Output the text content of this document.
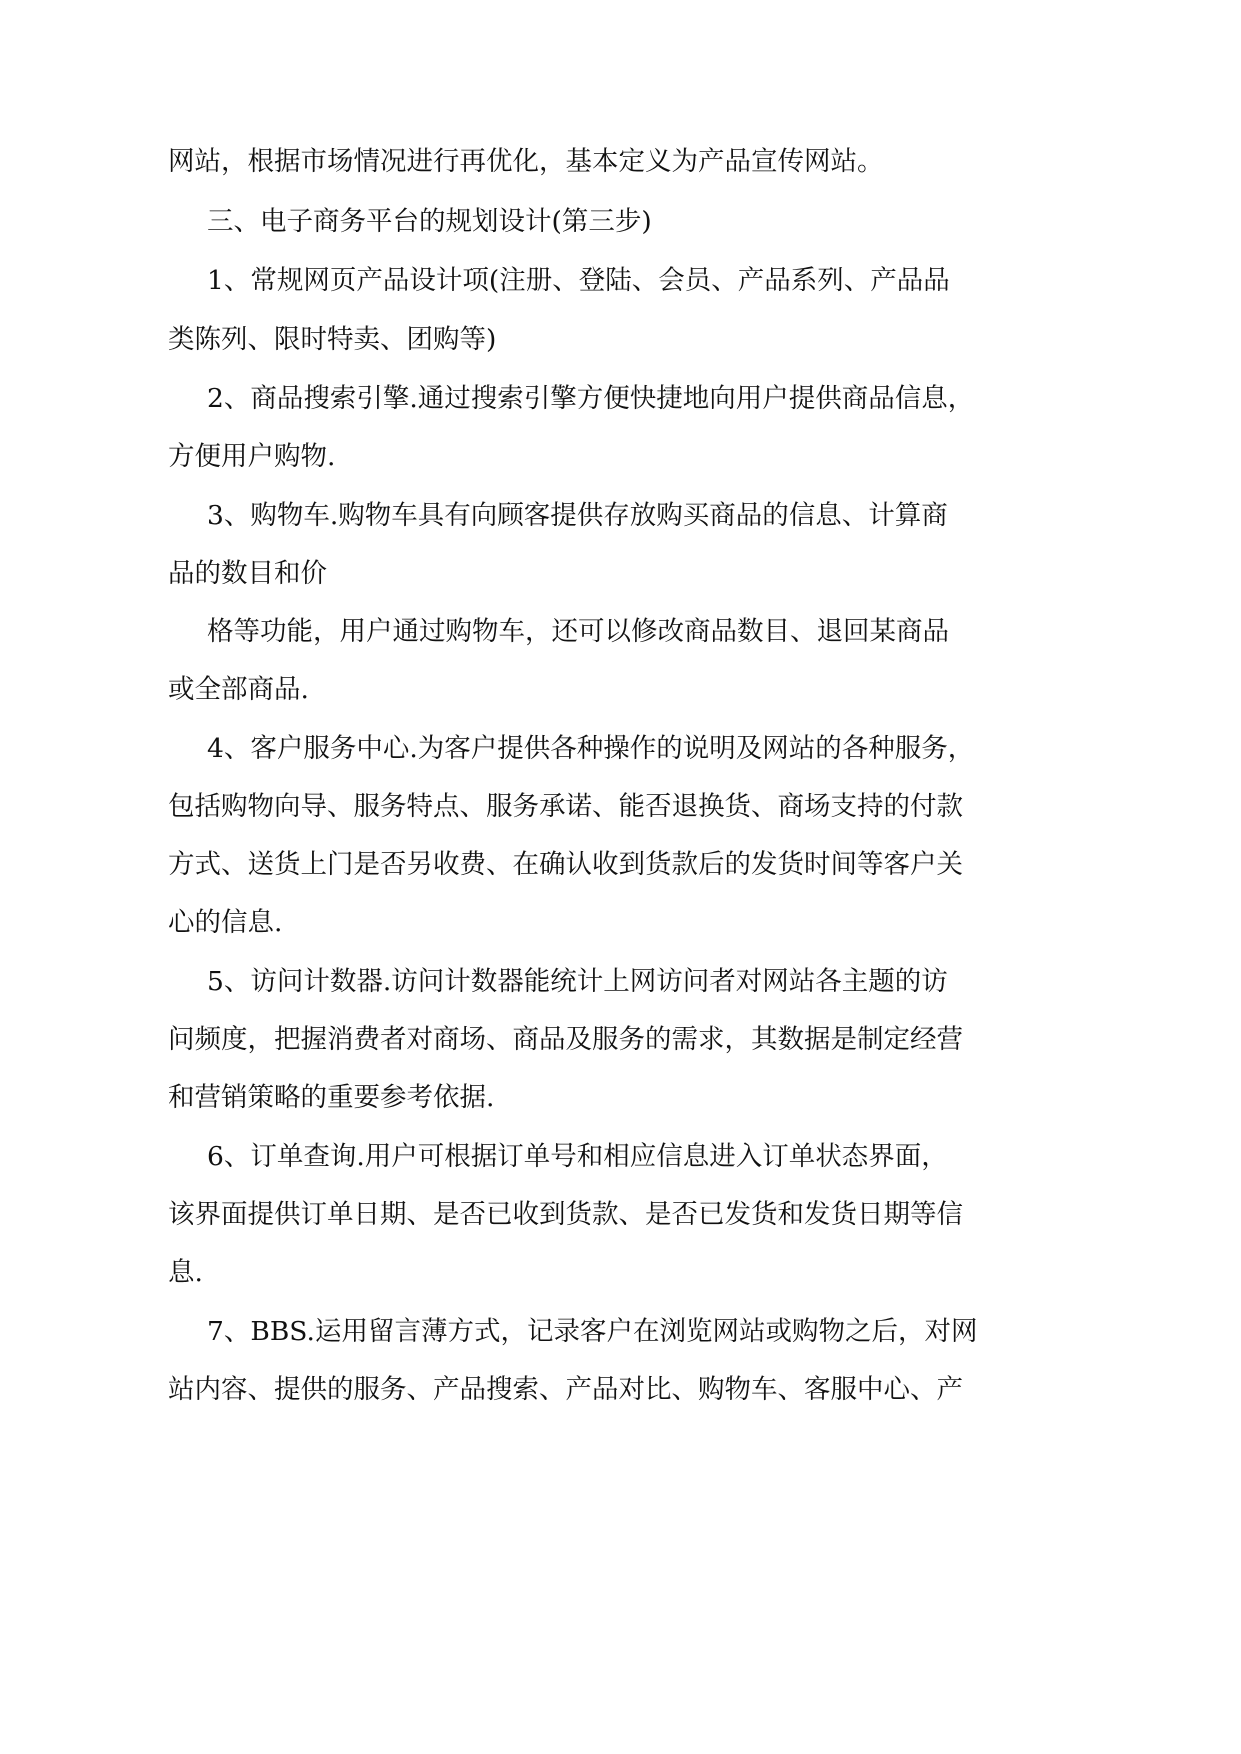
网站，根据市场情况进行再优化，基本定义为产品宣传网站。

三、电子商务平台的规划设计(第三步)

1、常规网页产品设计项(注册、登陆、会员、产品系列、产品品

类陈列、限时特卖、团购等)

2、商品搜索引擎.通过搜索引擎方便快捷地向用户提供商品信息，

方便用户购物.

3、购物车.购物车具有向顾客提供存放购买商品的信息、计算商

品的数目和价

格等功能，用户通过购物车，还可以修改商品数目、退回某商品

或全部商品.

4、客户服务中心.为客户提供各种操作的说明及网站的各种服务，

包括购物向导、服务特点、服务承诺、能否退换货、商场支持的付款

方式、送货上门是否另收费、在确认收到货款后的发货时间等客户关

心的信息.

5、访问计数器.访问计数器能统计上网访问者对网站各主题的访

问频度，把握消费者对商场、商品及服务的需求，其数据是制定经营

和营销策略的重要参考依据.

6、订单查询.用户可根据订单号和相应信息进入订单状态界面，

该界面提供订单日期、是否已收到货款、是否已发货和发货日期等信

息.

7、BBS.运用留言薄方式，记录客户在浏览网站或购物之后，对网

站内容、提供的服务、产品搜索、产品对比、购物车、客服中心、产
